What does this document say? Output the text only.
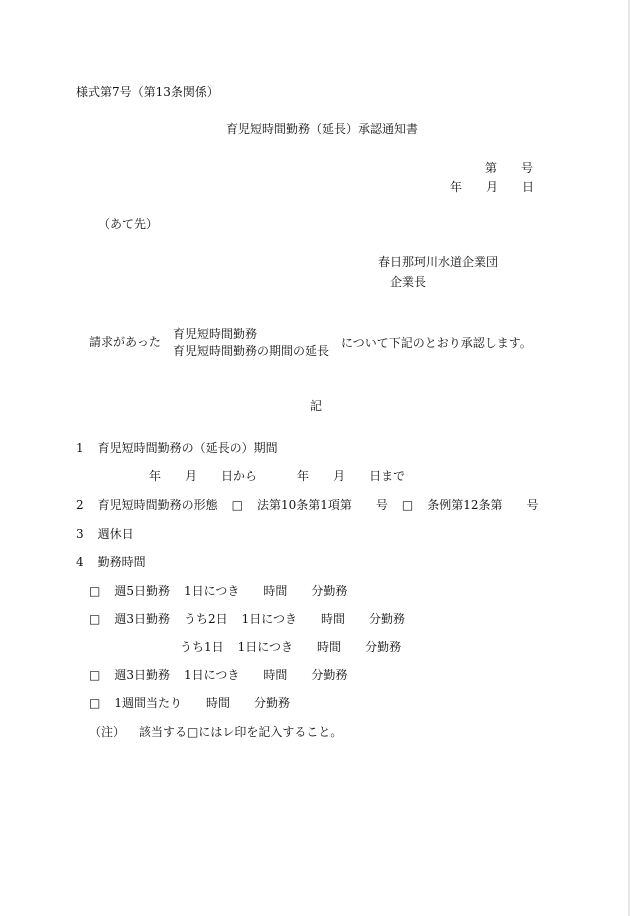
様式第7号（第13条関係）
育児短時間勤務（延長）承認通知書
第 号
年 月 日
（あて先）
春日那珂川水道企業団
企業長
請求があった
育児短時間勤務
育児短時間勤務の期間の延長
について下記のとおり承認します。
記
1 育児短時間勤務の（延長の）期間
年 月 日から	年 月 日まで
2 育児短時間勤務の形態 □ 法第10条第1項第 号 □ 条例第12条第 号
3 週休日
4 勤務時間
□ 週5日勤務 1日につき 時間 分勤務
□ 週3日勤務 うち2日 1日につき 時間 分勤務
うち1日 1日につき 時間 分勤務
□ 週3日勤務 1日につき 時間 分勤務
□ 1週間当たり 時間 分勤務
（注） 該当する□にはレ印を記入すること。
